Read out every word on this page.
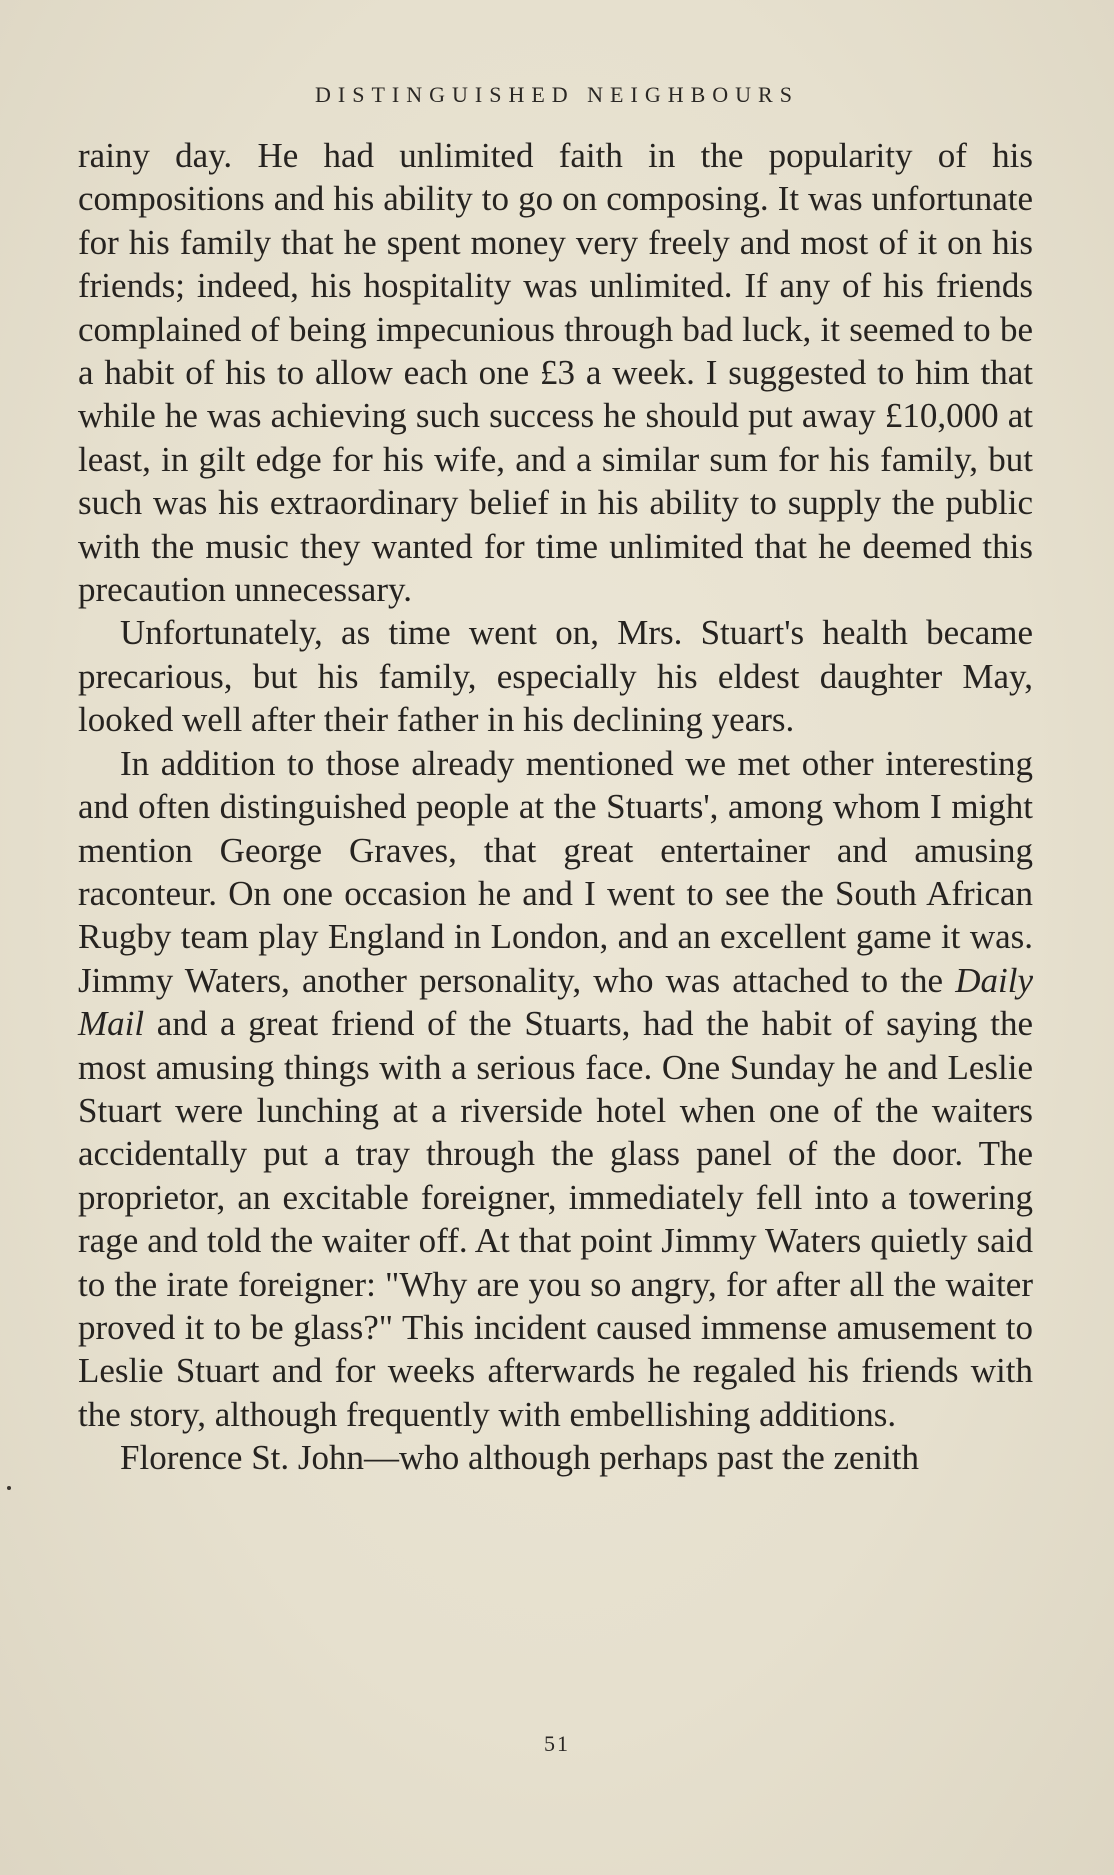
DISTINGUISHED NEIGHBOURS

rainy day. He had unlimited faith in the popularity of his compositions and his ability to go on composing. It was unfortunate for his family that he spent money very freely and most of it on his friends; indeed, his hospitality was unlimited. If any of his friends complained of being impecunious through bad luck, it seemed to be a habit of his to allow each one £3 a week. I suggested to him that while he was achieving such success he should put away £10,000 at least, in gilt edge for his wife, and a similar sum for his family, but such was his extraordinary belief in his ability to supply the public with the music they wanted for time unlimited that he deemed this precaution unnecessary.

Unfortunately, as time went on, Mrs. Stuart's health became precarious, but his family, especially his eldest daughter May, looked well after their father in his declining years.

In addition to those already mentioned we met other interesting and often distinguished people at the Stuarts', among whom I might mention George Graves, that great entertainer and amusing raconteur. On one occasion he and I went to see the South African Rugby team play England in London, and an excellent game it was. Jimmy Waters, another personality, who was attached to the Daily Mail and a great friend of the Stuarts, had the habit of saying the most amusing things with a serious face. One Sunday he and Leslie Stuart were lunching at a riverside hotel when one of the waiters accidentally put a tray through the glass panel of the door. The proprietor, an excitable foreigner, immediately fell into a towering rage and told the waiter off. At that point Jimmy Waters quietly said to the irate foreigner: "Why are you so angry, for after all the waiter proved it to be glass?" This incident caused immense amusement to Leslie Stuart and for weeks afterwards he regaled his friends with the story, although frequently with embellishing additions.

Florence St. John—who although perhaps past the zenith

51
